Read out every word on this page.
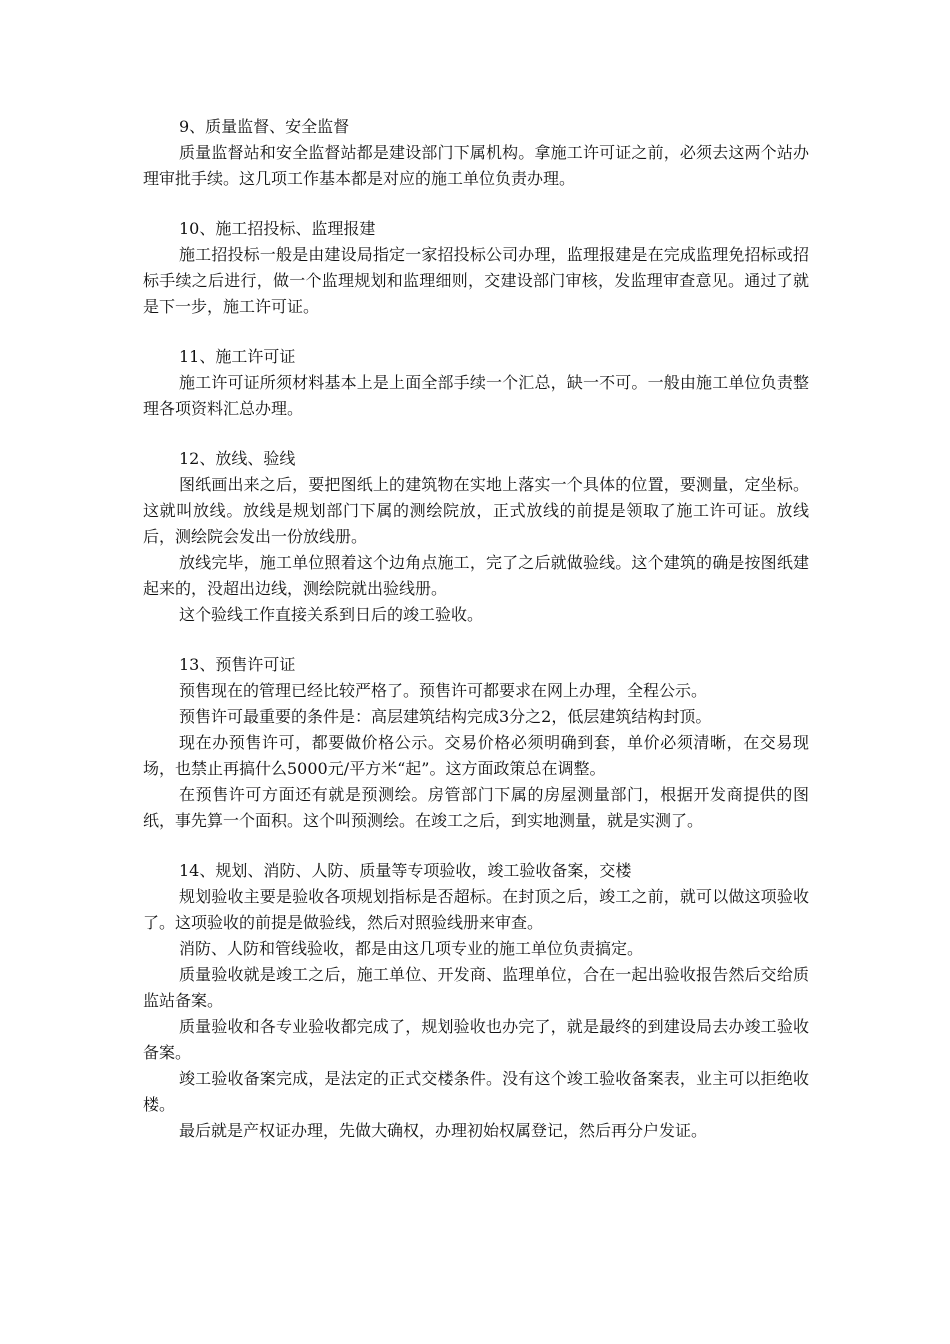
9、质量监督、安全监督

质量监督站和安全监督站都是建设部门下属机构。拿施工许可证之前，必须去这两个站办理审批手续。这几项工作基本都是对应的施工单位负责办理。

10、施工招投标、监理报建

施工招投标一般是由建设局指定一家招投标公司办理，监理报建是在完成监理免招标或招标手续之后进行，做一个监理规划和监理细则，交建设部门审核，发监理审查意见。通过了就是下一步，施工许可证。

11、施工许可证

施工许可证所须材料基本上是上面全部手续一个汇总，缺一不可。一般由施工单位负责整理各项资料汇总办理。

12、放线、验线

图纸画出来之后，要把图纸上的建筑物在实地上落实一个具体的位置，要测量，定坐标。这就叫放线。放线是规划部门下属的测绘院放，正式放线的前提是领取了施工许可证。放线后，测绘院会发出一份放线册。

放线完毕，施工单位照着这个边角点施工，完了之后就做验线。这个建筑的确是按图纸建起来的，没超出边线，测绘院就出验线册。

这个验线工作直接关系到日后的竣工验收。

13、预售许可证

预售现在的管理已经比较严格了。预售许可都要求在网上办理，全程公示。

预售许可最重要的条件是：高层建筑结构完成3分之2，低层建筑结构封顶。

现在办预售许可，都要做价格公示。交易价格必须明确到套，单价必须清晰，在交易现场，也禁止再搞什么5000元/平方米“起”。这方面政策总在调整。

在预售许可方面还有就是预测绘。房管部门下属的房屋测量部门，根据开发商提供的图纸，事先算一个面积。这个叫预测绘。在竣工之后，到实地测量，就是实测了。

14、规划、消防、人防、质量等专项验收，竣工验收备案，交楼

规划验收主要是验收各项规划指标是否超标。在封顶之后，竣工之前，就可以做这项验收了。这项验收的前提是做验线，然后对照验线册来审查。

消防、人防和管线验收，都是由这几项专业的施工单位负责搞定。

质量验收就是竣工之后，施工单位、开发商、监理单位，合在一起出验收报告然后交给质监站备案。

质量验收和各专业验收都完成了，规划验收也办完了，就是最终的到建设局去办竣工验收备案。

竣工验收备案完成，是法定的正式交楼条件。没有这个竣工验收备案表，业主可以拒绝收楼。

最后就是产权证办理，先做大确权，办理初始权属登记，然后再分户发证。
